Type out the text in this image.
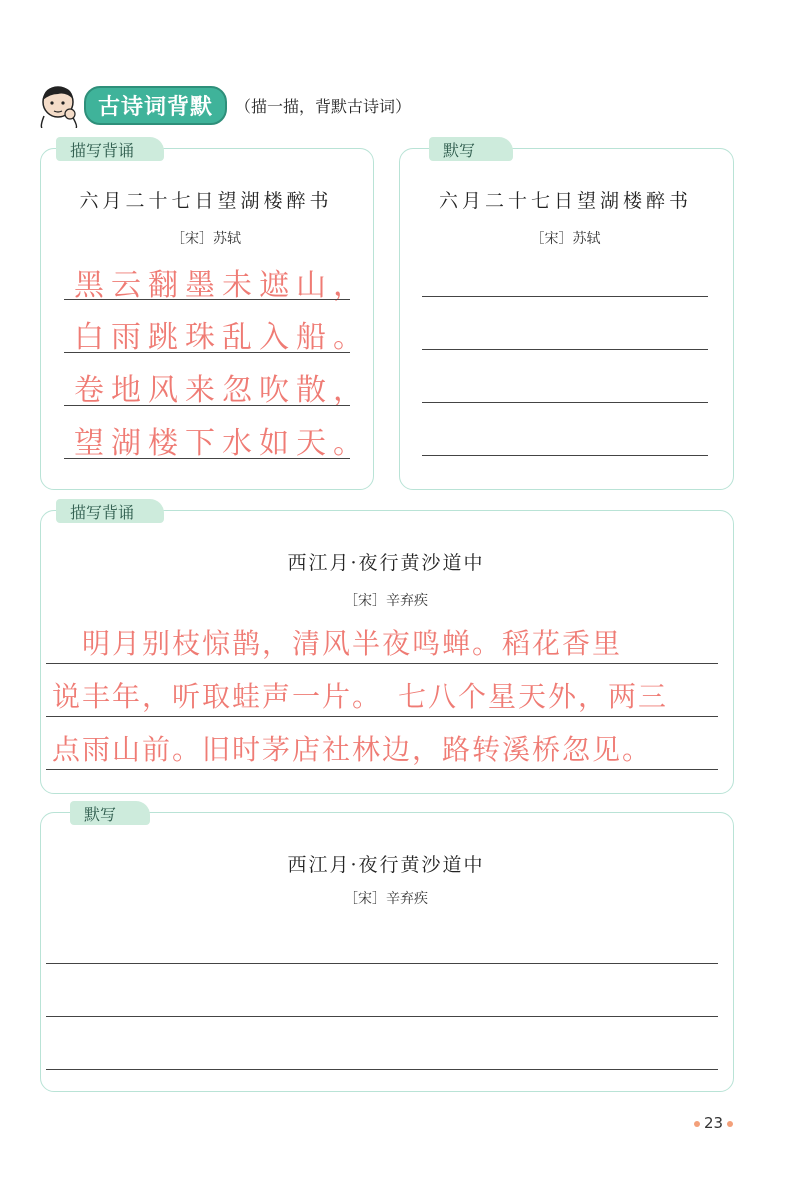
古诗词背默	（描一描，背默古诗词）
描写背诵
六月二十七日望湖楼醉书
［宋］苏轼
黑云翻墨未遮山，
白雨跳珠乱入船。
卷地风来忽吹散，
望湖楼下水如天。
默写
六月二十七日望湖楼醉书
［宋］苏轼
描写背诵
西江月·夜行黄沙道中
［宋］辛弃疾
　明月别枝惊鹊，清风半夜鸣蝉。稻花香里
说丰年，听取蛙声一片。　七八个星天外，两三
点雨山前。旧时茅店社林边，路转溪桥忽见。
默写
西江月·夜行黄沙道中
［宋］辛弃疾
23
